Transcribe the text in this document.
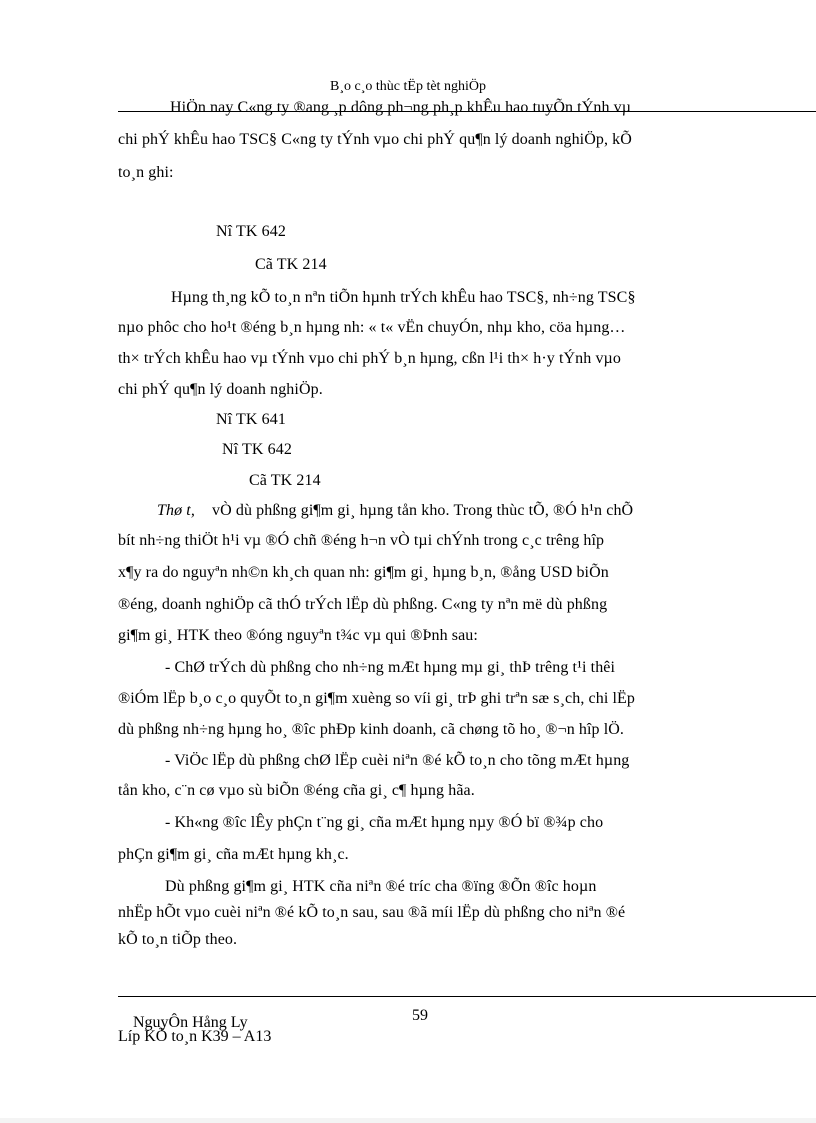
B¸o c¸o thùc tËp tèt nghiÖp
HiÖn nay C«ng ty ®ang ¸p dông ph¬ng ph¸p khÊu hao tuyÕn tÝnh vµ
chi phÝ khÊu hao TSC§ C«ng ty tÝnh vµo chi phÝ qu¶n lý doanh nghiÖp, kÕ
to¸n ghi:
Nî TK 642
Cã TK 214
Hµng th¸ng kÕ to¸n nªn tiÕn hµnh trÝch khÊu hao TSC§, nh÷ng TSC§
nµo phôc cho ho¹t ®éng b¸n hµng nh: « t« vËn chuyÓn, nhµ kho, cöa hµng…
th× trÝch khÊu hao vµ tÝnh vµo chi phÝ b¸n hµng, cßn l¹i th× h·y tÝnh vµo
chi phÝ qu¶n lý doanh nghiÖp.
Nî TK 641
Nî TK 642
Cã TK 214
Thø t, vÒ dù phßng gi¶m gi¸ hµng tån kho. Trong thùc tÕ, ®Ó h¹n chÕ
bít nh÷ng thiÖt h¹i vµ ®Ó chñ ®éng h¬n vÒ tµi chÝnh trong c¸c trêng hîp
x¶y ra do nguyªn nh©n kh¸ch quan nh: gi¶m gi¸ hµng b¸n, ®ång USD biÕn
®éng, doanh nghiÖp cã thÓ trÝch lËp dù phßng. C«ng ty nªn më dù phßng
gi¶m gi¸ HTK theo ®óng nguyªn t¾c vµ qui ®Þnh sau:
- ChØ trÝch dù phßng cho nh÷ng mÆt hµng mµ gi¸ thÞ trêng t¹i thêi
®iÓm lËp b¸o c¸o quyÕt to¸n gi¶m xuèng so víi gi¸ trÞ ghi trªn sæ s¸ch, chi lËp
dù phßng nh÷ng hµng ho¸ ®îc phÐp kinh doanh, cã chøng tõ ho¸ ®¬n hîp lÖ.
- ViÖc lËp dù phßng chØ lËp cuèi niªn ®é kÕ to¸n cho tõng mÆt hµng
tån kho, c¨n cø vµo sù biÕn ®éng cña gi¸ c¶ hµng hãa.
- Kh«ng ®îc lÊy phÇn t¨ng gi¸ cña mÆt hµng nµy ®Ó bï ®¾p cho
phÇn gi¶m gi¸ cña mÆt hµng kh¸c.
Dù phßng gi¶m gi¸ HTK cña niªn ®é tríc cha ®ïng ®Õn ®îc hoµn
nhËp hÕt vµo cuèi niªn ®é kÕ to¸n sau, sau ®ã míi lËp dù phßng cho niªn ®é
kÕ to¸n tiÕp theo.
59
NguyÔn Hång Ly
Líp KÕ to¸n K39 – A13
